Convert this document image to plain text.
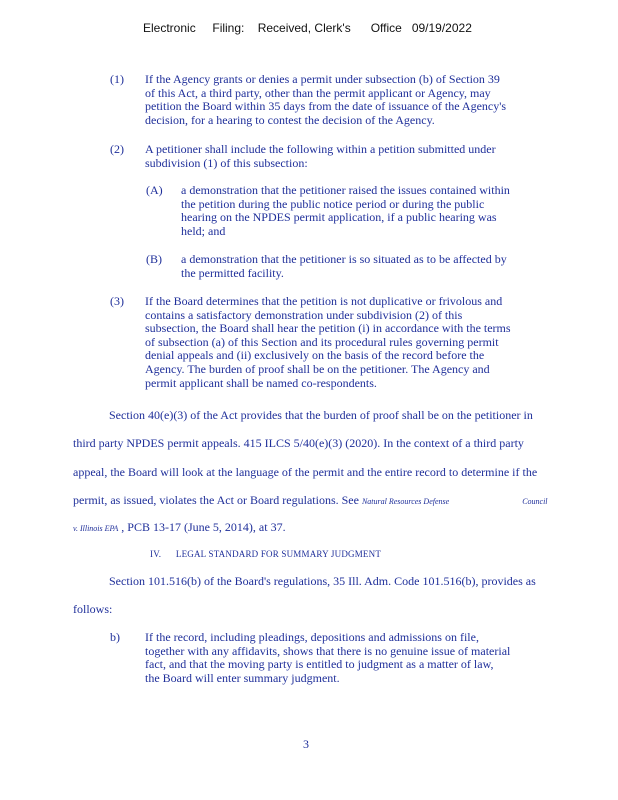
Electronic     Filing:    Received, Clerk's      Office   09/19/2022
(1) If the Agency grants or denies a permit under subsection (b) of Section 39
of this Act, a third party, other than the permit applicant or Agency, may
petition the Board within 35 days from the date of issuance of the Agency's
decision, for a hearing to contest the decision of the Agency.
(2) A petitioner shall include the following within a petition submitted under
subdivision (1) of this subsection:
(A) a demonstration that the petitioner raised the issues contained within
the petition during the public notice period or during the public
hearing on the NPDES permit application, if a public hearing was
held; and
(B) a demonstration that the petitioner is so situated as to be affected by
the permitted facility.
(3) If the Board determines that the petition is not duplicative or frivolous and
contains a satisfactory demonstration under subdivision (2) of this
subsection, the Board shall hear the petition (i) in accordance with the terms
of subsection (a) of this Section and its procedural rules governing permit
denial appeals and (ii) exclusively on the basis of the record before the
Agency. The burden of proof shall be on the petitioner. The Agency and
permit applicant shall be named co-respondents.
Section 40(e)(3) of the Act provides that the burden of proof shall be on the petitioner in
third party NPDES permit appeals. 415 ILCS 5/40(e)(3) (2020). In the context of a third party
appeal, the Board will look at the language of the permit and the entire record to determine if the
permit, as issued, violates the Act or Board regulations. See Natural Resources Defense	Council
v. Illinois EPA , PCB 13-17 (June 5, 2014), at 37.
IV.      LEGAL STANDARD FOR SUMMARY JUDGMENT
Section 101.516(b) of the Board's regulations, 35 Ill. Adm. Code 101.516(b), provides as
follows:
b) If the record, including pleadings, depositions and admissions on file,
together with any affidavits, shows that there is no genuine issue of material
fact, and that the moving party is entitled to judgment as a matter of law,
the Board will enter summary judgment.
3
